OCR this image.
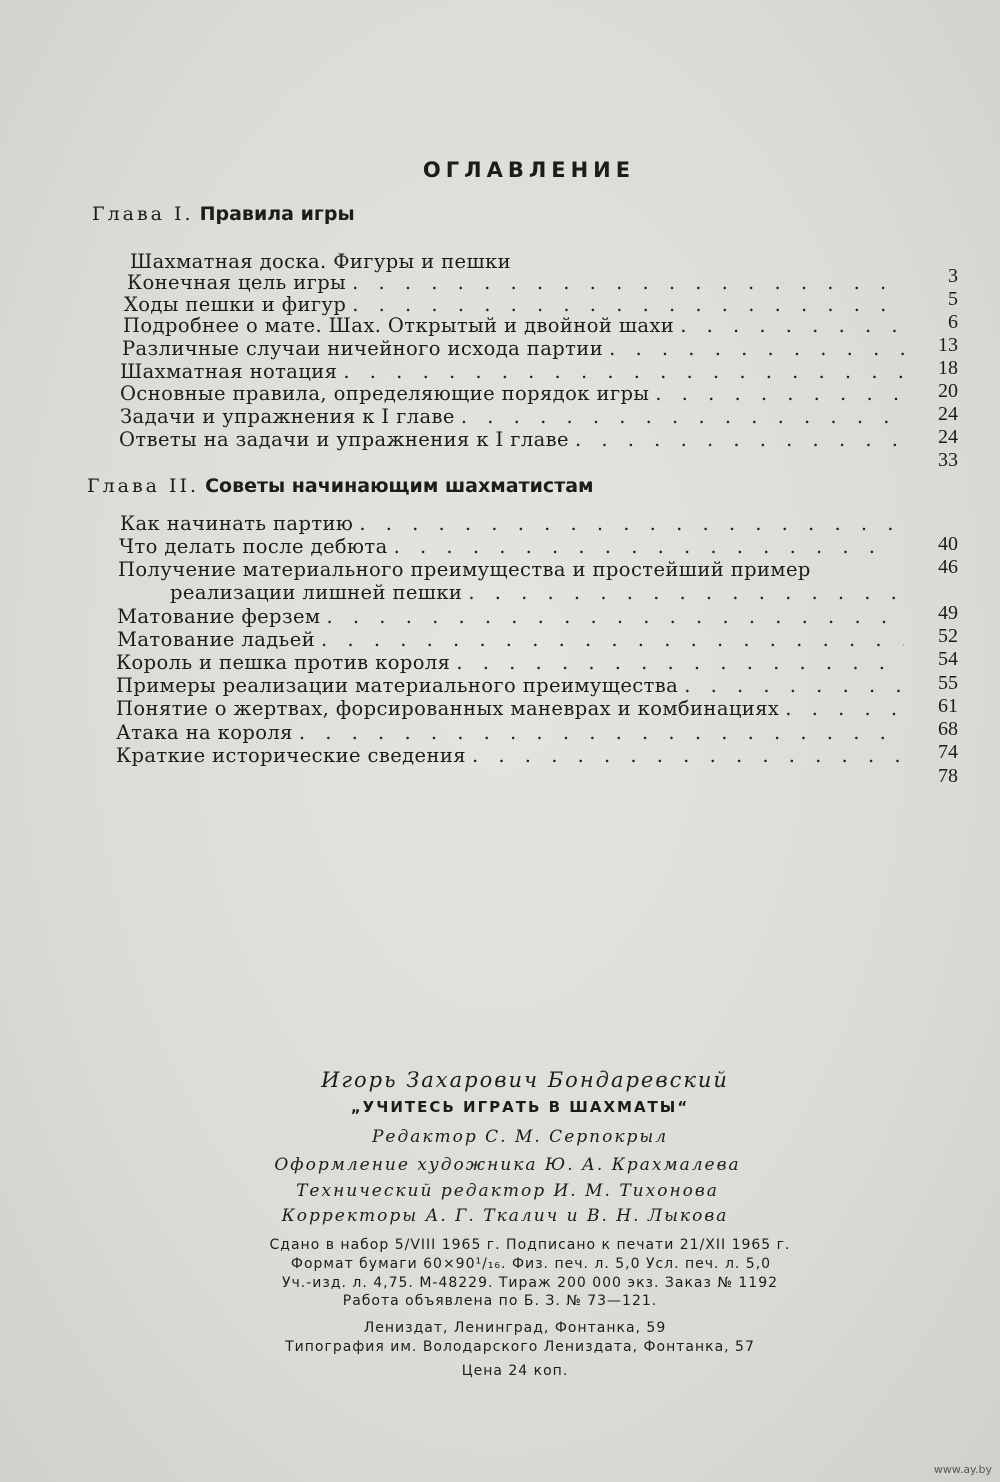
ОГЛАВЛЕНИЕ
Глава I. Правила игры
Шахматная доска. Фигуры и пешки
Конечная цель игры
. . .
Ходы пешки и фигур
. . .
Подробнее о мате. Шах. Открытый и двойной шахи
. . .
Различные случаи ничейного исхода партии
. . .
Шахматная нотация
. . .
Основные правила, определяющие порядок игры
. . .
Задачи и упражнения к I главе
. . .
Ответы на задачи и упражнения к I главе
. . .
3
5
6
13
18
20
24
24
33
Глава II. Советы начинающим шахматистам
Как начинать партию
. . .
Что делать после дебюта
. . .
Получение материального преимущества и простейший пример
реализации лишней пешки
. . .
Матование ферзем
. . .
Матование ладьей
. . .
Король и пешка против короля
. . .
Примеры реализации материального преимущества
. . .
Понятие о жертвах, форсированных маневрах и комбинациях
. . .
Атака на короля
. . .
Краткие исторические сведения
. . .
40
46
49
52
54
55
61
68
74
78
Игорь Захарович Бондаревский
„УЧИТЕСЬ ИГРАТЬ В ШАХМАТЫ“
Редактор С. М. Серпокрыл
Оформление художника Ю. А. Крахмалева
Технический редактор И. М. Тихонова
Корректоры А. Г. Ткалич и В. Н. Лыкова
Сдано в набор 5/VIII 1965 г. Подписано к печати 21/XII 1965 г.
Формат бумаги 60×90¹/₁₆. Физ. печ. л. 5,0 Усл. печ. л. 5,0
Уч.-изд. л. 4,75. М-48229. Тираж 200 000 экз. Заказ № 1192
Работа объявлена по Б. З. № 73—121.
Лениздат, Ленинград, Фонтанка, 59
Типография им. Володарского Лениздата, Фонтанка, 57
Цена 24 коп.
www.ay.by
